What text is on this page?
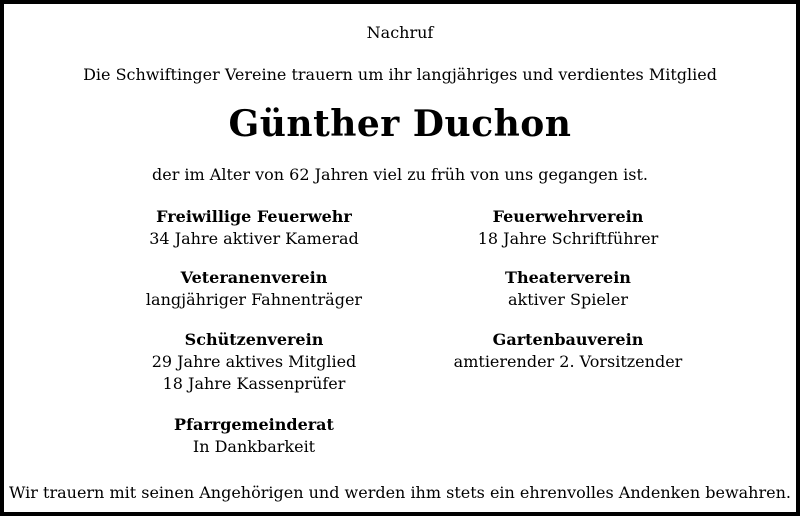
Nachruf
Die Schwiftinger Vereine trauern um ihr langjähriges und verdientes Mitglied
Günther Duchon
der im Alter von 62 Jahren viel zu früh von uns gegangen ist.
Freiwillige Feuerwehr
34 Jahre aktiver Kamerad
Veteranenverein
langjähriger Fahnenträger
Schützenverein
29 Jahre aktives Mitglied
18 Jahre Kassenprüfer
Pfarrgemeinderat
In Dankbarkeit
Feuerwehrverein
18 Jahre Schriftführer
Theaterverein
aktiver Spieler
Gartenbauverein
amtierender 2. Vorsitzender
Wir trauern mit seinen Angehörigen und werden ihm stets ein ehrenvolles Andenken bewahren.
